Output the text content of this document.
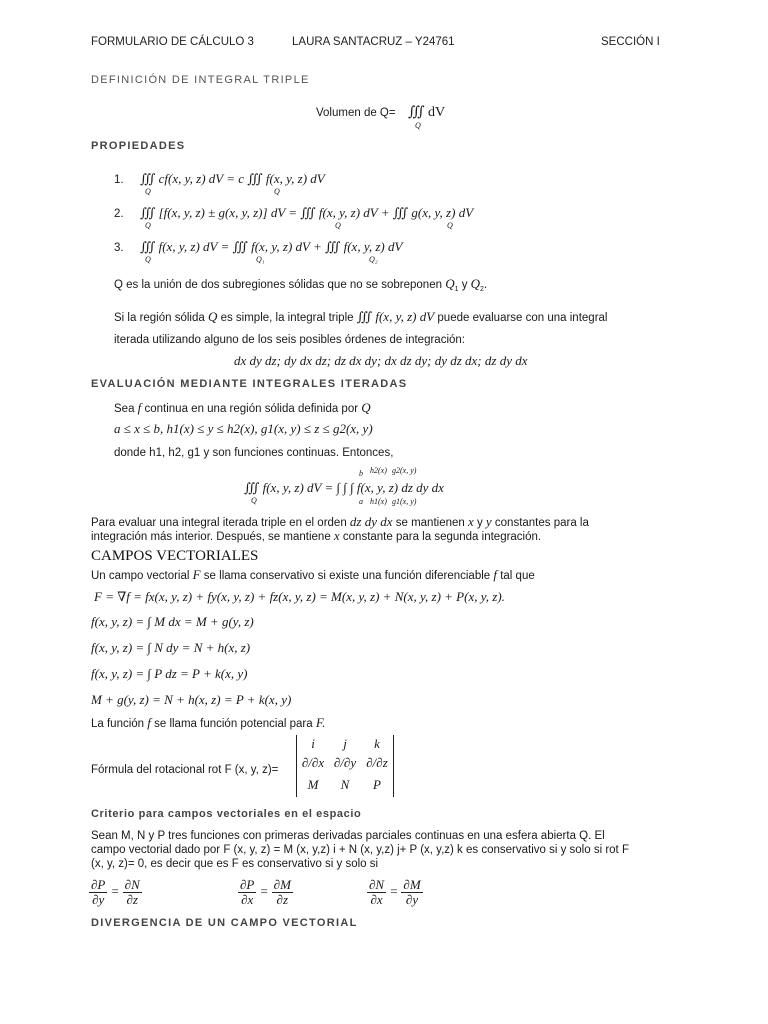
FORMULARIO DE CÁLCULO 3	LAURA SANTACRUZ – Y24761	SECCIÓN I
DEFINICIÓN DE INTEGRAL TRIPLE
Volumen de Q= ∭ dV
Q
PROPIEDADES
1. ∭ cf(x, y, z) dV = c ∭ f(x, y, z) dV
Q	Q
2. ∭ [f(x, y, z) ± g(x, y, z)] dV = ∭ f(x, y, z) dV + ∭ g(x, y, z) dV
Q	Q	Q
3. ∭ f(x, y, z) dV = ∭ f(x, y, z) dV + ∭ f(x, y, z) dV
Q	Q₁	Q₂
Q es la unión de dos subregiones sólidas que no se sobreponen $Q_1$ y $Q_2$.
Si la región sólida Q es simple, la integral triple ∭ f(x, y, z) dV puede evaluarse con una integral
iterada utilizando alguno de los seis posibles órdenes de integración:
dx dy dz; dy dx dz; dz dx dy; dx dz dy; dy dz dx; dz dy dx
EVALUACIÓN MEDIANTE INTEGRALES ITERADAS
Sea f continua en una región sólida definida por Q
a ≤ x ≤ b, h1(x) ≤ y ≤ h2(x), g1(x, y) ≤ z ≤ g2(x, y)
donde h1, h2, g1 y son funciones continuas. Entonces,
∭ f(x, y, z) dV = ∫ ∫ ∫ f(x, y, z) dz dy dx
Q
b
a
h2(x)
h1(x)
g2(x, y)
g1(x, y)
Para evaluar una integral iterada triple en el orden dz dy dx se mantienen x y y constantes para la
integración más interior. Después, se mantiene x constante para la segunda integración.
CAMPOS VECTORIALES
Un campo vectorial F se llama conservativo si existe una función diferenciable f tal que
F = ∇f = fx(x, y, z) + fy(x, y, z) + fz(x, y, z) = M(x, y, z) + N(x, y, z) + P(x, y, z).
f(x, y, z) = ∫ M dx = M + g(y, z)
f(x, y, z) = ∫ N dy = N + h(x, z)
f(x, y, z) = ∫ P dz = P + k(x, y)
M + g(y, z) = N + h(x, z) = P + k(x, y)
La función f se llama función potencial para F.
Fórmula del rotacional rot F (x, y, z)=
i	j	k
∂/∂x ∂/∂y ∂/∂z
M	N	P
Criterio para campos vectoriales en el espacio
Sean M, N y P tres funciones con primeras derivadas parciales continuas en una esfera abierta Q. El
campo vectorial dado por F (x, y, z) = M (x, y,z) i + N (x, y,z) j+ P (x, y,z) k es conservativo si y solo si rot F
(x, y, z)= 0, es decir que es F es conservativo si y solo si
$\frac{\partial P}{\partial y} = \frac{\partial N}{\partial z}$	$\frac{\partial P}{\partial x} = \frac{\partial M}{\partial z}$	$\frac{\partial N}{\partial x} = \frac{\partial M}{\partial y}$
DIVERGENCIA DE UN CAMPO VECTORIAL
